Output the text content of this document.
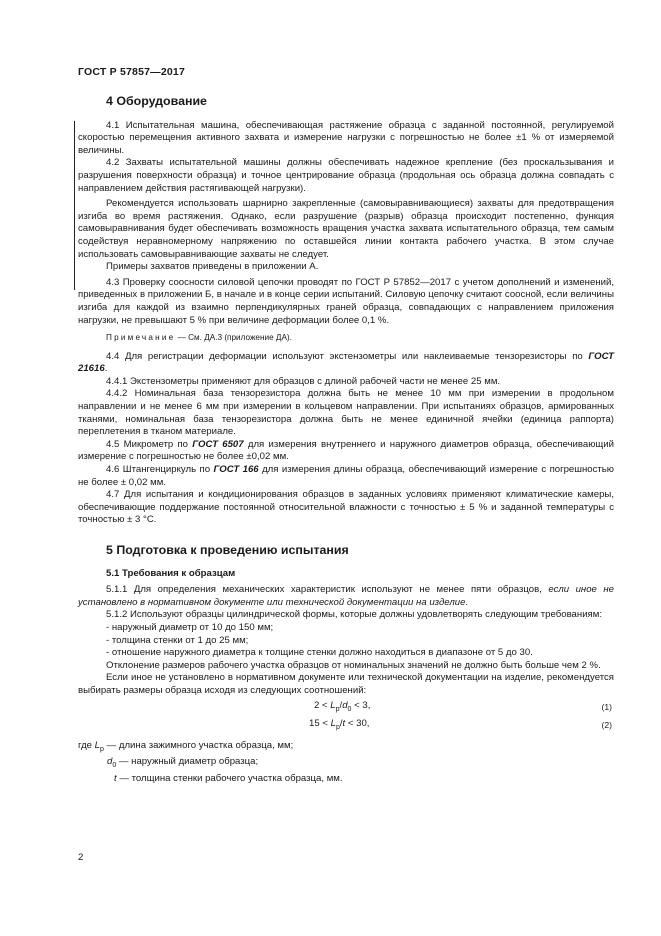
ГОСТ Р 57857—2017
4 Оборудование

4.1 Испытательная машина, обеспечивающая растяжение образца с заданной постоянной, регулируемой скоростью перемещения активного захвата и измерение нагрузки с погрешностью не более ±1 % от измеряемой величины.

4.2 Захваты испытательной машины должны обеспечивать надежное крепление (без проскальзывания и разрушения поверхности образца) и точное центрирование образца (продольная ось образца должна совпадать с направлением действия растягивающей нагрузки).

Рекомендуется использовать шарнирно закрепленные (самовыравнивающиеся) захваты для предотвращения изгиба во время растяжения. Однако, если разрушение (разрыв) образца происходит постепенно, функция самовыравнивания будет обеспечивать возможность вращения участка захвата испытательного образца, тем самым содействуя неравномерному напряжению по оставшейся линии контакта рабочего участка. В этом случае использовать самовыравнивающие захваты не следует.

Примеры захватов приведены в приложении А.

4.3 Проверку соосности силовой цепочки проводят по ГОСТ Р 57852—2017 с учетом дополнений и изменений, приведенных в приложении Б, в начале и в конце серии испытаний. Силовую цепочку считают соосной, если величины изгиба для каждой из взаимно перпендикулярных граней образца, совпадающих с направлением приложения нагрузки, не превышают 5 % при величине деформации более 0,1 %.

Примечание — См. ДА.3 (приложение ДА).

4.4 Для регистрации деформации используют экстензометры или наклеиваемые тензорезисторы по ГОСТ 21616.

4.4.1 Экстензометры применяют для образцов с длиной рабочей части не менее 25 мм.

4.4.2 Номинальная база тензорезистора должна быть не менее 10 мм при измерении в продольном направлении и не менее 6 мм при измерении в кольцевом направлении. При испытаниях образцов, армированных тканями, номинальная база тензорезистора должна быть не менее единичной ячейки (единица раппорта) переплетения в тканом материале.

4.5 Микрометр по ГОСТ 6507 для измерения внутреннего и наружного диаметров образца, обеспечивающий измерение с погрешностью не более ±0,02 мм.

4.6 Штангенциркуль по ГОСТ 166 для измерения длины образца, обеспечивающий измерение с погрешностью не более ± 0,02 мм.

4.7 Для испытания и кондиционирования образцов в заданных условиях применяют климатические камеры, обеспечивающие поддержание постоянной относительной влажности с точностью ± 5 % и заданной температуры с точностью ± 3 °С.

5 Подготовка к проведению испытания
5.1 Требования к образцам

5.1.1 Для определения механических характеристик используют не менее пяти образцов, если иное не установлено в нормативном документе или технической документации на изделие.

5.1.2 Используют образцы цилиндрической формы, которые должны удовлетворять следующим требованиям:

- наружный диаметр от 10 до 150 мм;

- толщина стенки от 1 до 25 мм;

- отношение наружного диаметра к толщине стенки должно находиться в диапазоне от 5 до 30.

Отклонение размеров рабочего участка образцов от номинальных значений не должно быть больше чем 2 %.

Если иное не установлено в нормативном документе или технической документации на изделие, рекомендуется выбирать размеры образца исходя из следующих соотношений:

$2 < L_p/d_0 < 3$,	(1)
$15 < L_p/t < 30$,	(2)

где $L_p$ — длина зажимного участка образца, мм;

$d_0$ — наружный диаметр образца;

t — толщина стенки рабочего участка образца, мм.

2
